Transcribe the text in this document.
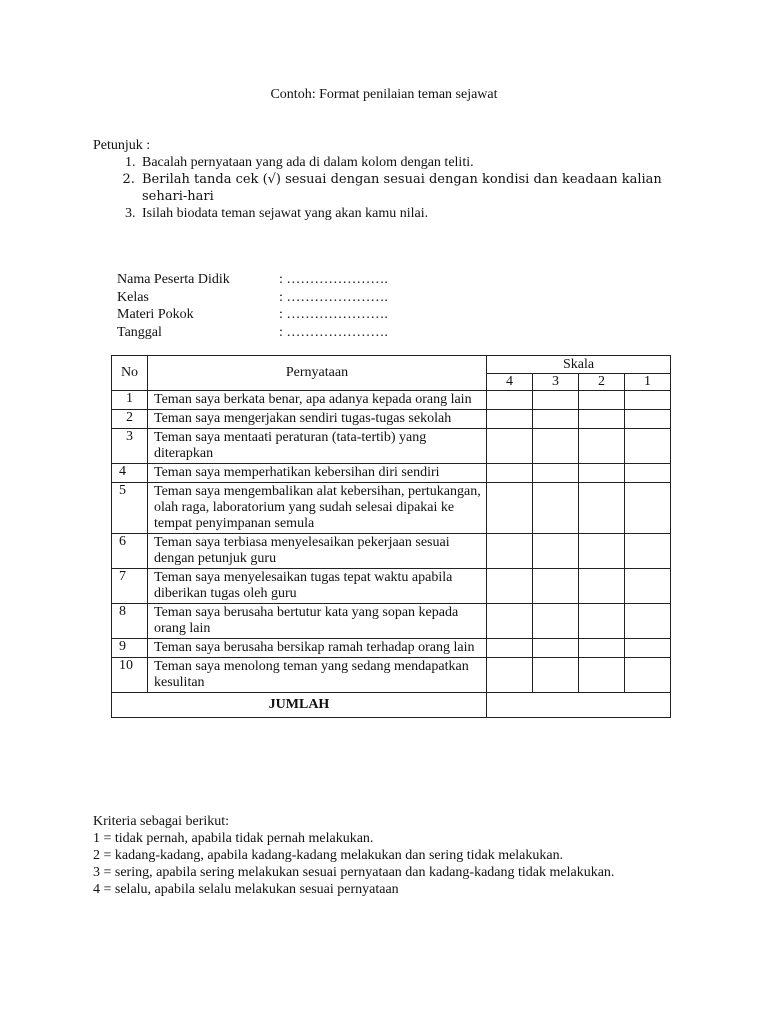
Contoh: Format penilaian teman sejawat
Petunjuk :
1. Bacalah pernyataan yang ada di dalam kolom dengan teliti.
2. Berilah tanda cek (√) sesuai dengan sesuai dengan kondisi dan keadaan kalian sehari-hari
3. Isilah biodata teman sejawat yang akan kamu nilai.
Nama Peserta Didik	: ………………….
Kelas	: ………………….
Materi Pokok	: ………………….
Tanggal	: ………………….
No	Pernyataan	Skala			
		4	3	2	1
1	Teman saya berkata benar, apa adanya kepada orang lain				
2	Teman saya mengerjakan sendiri tugas-tugas sekolah				
3	Teman saya mentaati peraturan (tata-tertib) yang diterapkan				
4	Teman saya memperhatikan kebersihan diri sendiri				
5	Teman saya mengembalikan alat kebersihan, pertukangan, olah raga, laboratorium yang sudah selesai dipakai ke tempat penyimpanan semula				
6	Teman saya terbiasa menyelesaikan pekerjaan sesuai dengan petunjuk guru				
7	Teman saya menyelesaikan tugas tepat waktu apabila diberikan tugas oleh guru				
8	Teman saya berusaha bertutur kata yang sopan kepada orang lain				
9	Teman saya berusaha bersikap ramah terhadap orang lain				
10	Teman saya menolong teman yang sedang mendapatkan kesulitan				
JUMLAH					
Kriteria sebagai berikut:
1 = tidak pernah, apabila tidak pernah melakukan.
2 = kadang-kadang, apabila kadang-kadang melakukan dan sering tidak melakukan.
3 = sering, apabila sering melakukan sesuai pernyataan dan kadang-kadang tidak melakukan.
4 = selalu, apabila selalu melakukan sesuai pernyataan
